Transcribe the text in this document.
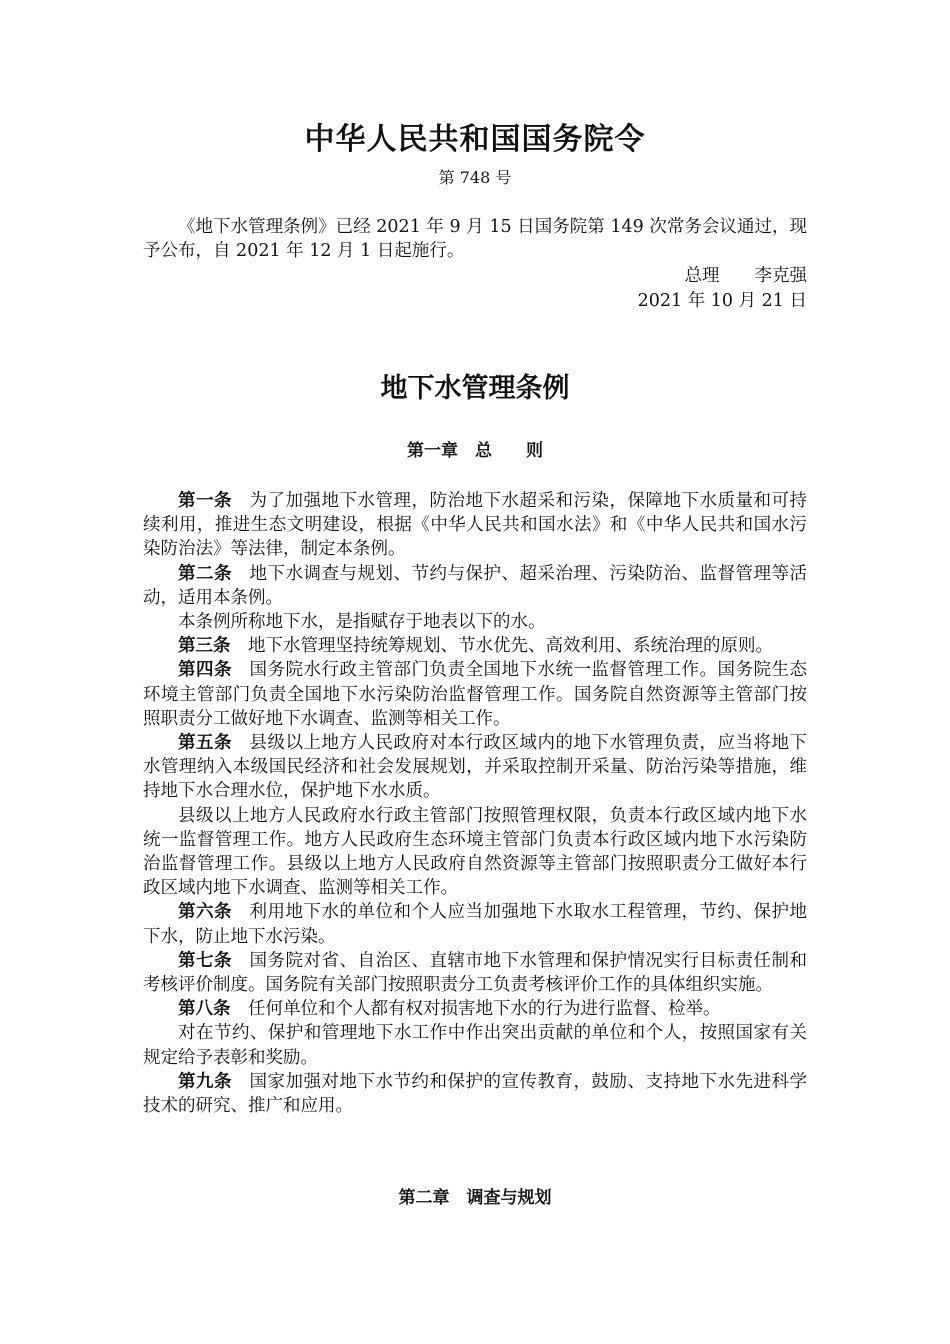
中华人民共和国国务院令
第 748 号

《地下水管理条例》已经 2021 年 9 月 15 日国务院第 149 次常务会议通过，现予公布，自 2021 年 12 月 1 日起施行。

总理　　李克强
2021 年 10 月 21 日
地下水管理条例
第一章　总　　则

第一条 为了加强地下水管理，防治地下水超采和污染，保障地下水质量和可持续利用，推进生态文明建设，根据《中华人民共和国水法》和《中华人民共和国水污染防治法》等法律，制定本条例。

第二条 地下水调查与规划、节约与保护、超采治理、污染防治、监督管理等活动，适用本条例。

本条例所称地下水，是指赋存于地表以下的水。

第三条 地下水管理坚持统筹规划、节水优先、高效利用、系统治理的原则。

第四条 国务院水行政主管部门负责全国地下水统一监督管理工作。国务院生态环境主管部门负责全国地下水污染防治监督管理工作。国务院自然资源等主管部门按照职责分工做好地下水调查、监测等相关工作。

第五条 县级以上地方人民政府对本行政区域内的地下水管理负责，应当将地下水管理纳入本级国民经济和社会发展规划，并采取控制开采量、防治污染等措施，维持地下水合理水位，保护地下水水质。

县级以上地方人民政府水行政主管部门按照管理权限，负责本行政区域内地下水统一监督管理工作。地方人民政府生态环境主管部门负责本行政区域内地下水污染防治监督管理工作。县级以上地方人民政府自然资源等主管部门按照职责分工做好本行政区域内地下水调查、监测等相关工作。

第六条 利用地下水的单位和个人应当加强地下水取水工程管理，节约、保护地下水，防止地下水污染。

第七条 国务院对省、自治区、直辖市地下水管理和保护情况实行目标责任制和考核评价制度。国务院有关部门按照职责分工负责考核评价工作的具体组织实施。

第八条 任何单位和个人都有权对损害地下水的行为进行监督、检举。

对在节约、保护和管理地下水工作中作出突出贡献的单位和个人，按照国家有关规定给予表彰和奖励。

第九条 国家加强对地下水节约和保护的宣传教育，鼓励、支持地下水先进科学技术的研究、推广和应用。

第二章　调查与规划
